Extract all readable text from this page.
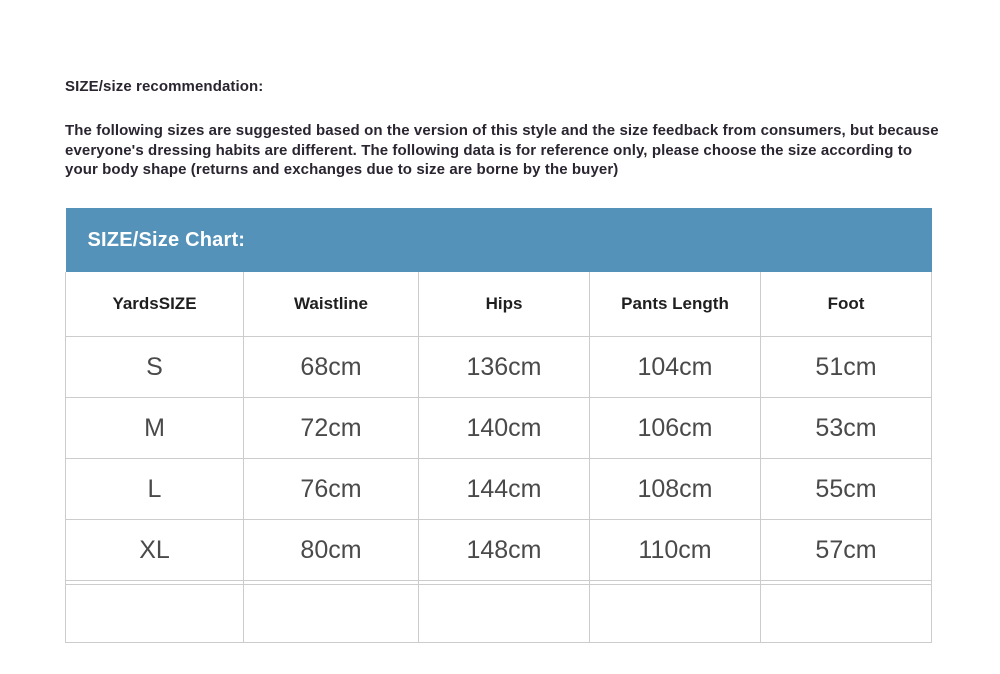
SIZE/size recommendation:

The following sizes are suggested based on the version of this style and the size feedback from consumers, but because everyone's dressing habits are different. The following data is for reference only, please choose the size according to your body shape (returns and exchanges due to size are borne by the buyer)

SIZE/Size Chart:				
YardsSIZE	Waistline	Hips	Pants Length	Foot
S	68cm	136cm	104cm	51cm
M	72cm	140cm	106cm	53cm
L	76cm	144cm	108cm	55cm
XL	80cm	148cm	110cm	57cm
